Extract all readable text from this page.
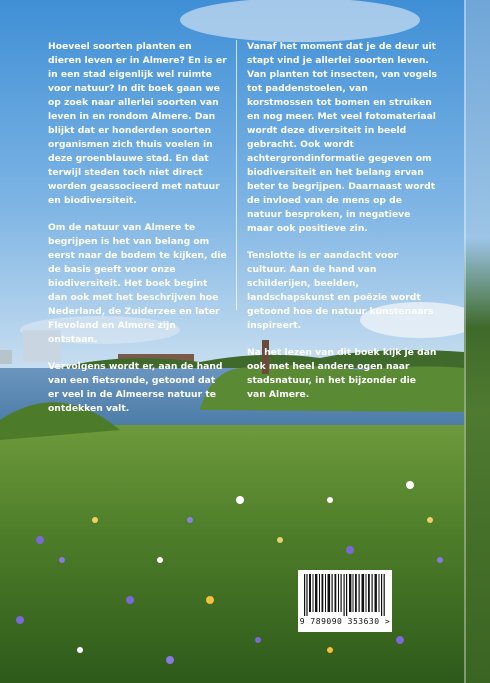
Hoeveel soorten planten en dieren leven er in Almere? En is er in een stad eigenlijk wel ruimte voor natuur? In dit boek gaan we op zoek naar allerlei soorten van leven in en rondom Almere. Dan blijkt dat er honderden soorten organismen zich thuis voelen in deze groenblauwe stad. En dat terwijl steden toch niet direct worden geassocieerd met natuur en biodiversiteit.

Om de natuur van Almere te begrijpen is het van belang om eerst naar de bodem te kijken, die de basis geeft voor onze biodiversiteit. Het boek begint dan ook met het beschrijven hoe Nederland, de Zuiderzee en later Flevoland en Almere zijn ontstaan.

Vervolgens wordt er, aan de hand van een fietsronde, getoond dat er veel in de Almeerse natuur te ontdekken valt.

Vanaf het moment dat je de deur uit stapt vind je allerlei soorten leven. Van planten tot insecten, van vogels tot paddenstoelen, van korstmossen tot bomen en struiken en nog meer. Met veel fotomateriaal wordt deze diversiteit in beeld gebracht. Ook wordt achtergrondinformatie gegeven om biodiversiteit en het belang ervan beter te begrijpen. Daarnaast wordt de invloed van de mens op de natuur besproken, in negatieve maar ook positieve zin.

Tenslotte is er aandacht voor cultuur. Aan de hand van schilderijen, beelden, landschapskunst en poëzie wordt getoond hoe de natuur kunstenaars inspireert.

Na het lezen van dit boek kijk je dan ook met heel andere ogen naar stadsnatuur, in het bijzonder die van Almere.

9 789090 353630 >
